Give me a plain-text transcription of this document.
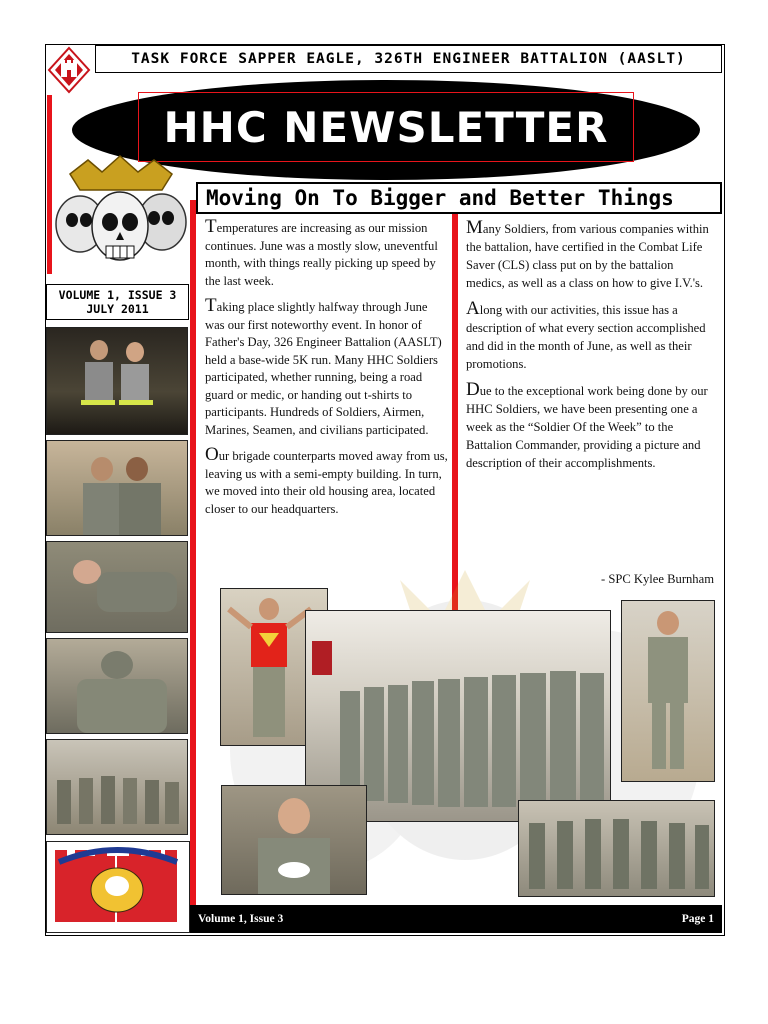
TASK FORCE SAPPER EAGLE, 326TH ENGINEER BATTALION (AASLT)
HHC NEWSLETTER
VOLUME 1, ISSUE 3
JULY 2011
Moving On To Bigger and Better Things

Temperatures are increasing as our mission continues. June was a mostly slow, uneventful month, with things really picking up speed by the last week.

Taking place slightly halfway through June was our first noteworthy event. In honor of Father's Day, 326 Engineer Battalion (AASLT) held a base-wide 5K run. Many HHC Soldiers participated, whether running, being a road guard or medic, or handing out t-shirts to participants. Hundreds of Soldiers, Airmen, Marines, Seamen, and civilians participated.

Our brigade counterparts moved away from us, leaving us with a semi-empty building. In turn, we moved into their old housing area, located closer to our headquarters.

Many Soldiers, from various companies within the battalion, have certified in the Combat Life Saver (CLS) class put on by the battalion medics, as well as a class on how to give I.V.'s.

Along with our activities, this issue has a description of what every section accomplished and did in the month of June, as well as their promotions.

Due to the exceptional work being done by our HHC Soldiers, we have been presenting one a week as the “Soldier Of the Week” to the Battalion Commander, providing a picture and description of their accomplishments.

- SPC Kylee Burnham
Volume 1, Issue 3	Page 1
